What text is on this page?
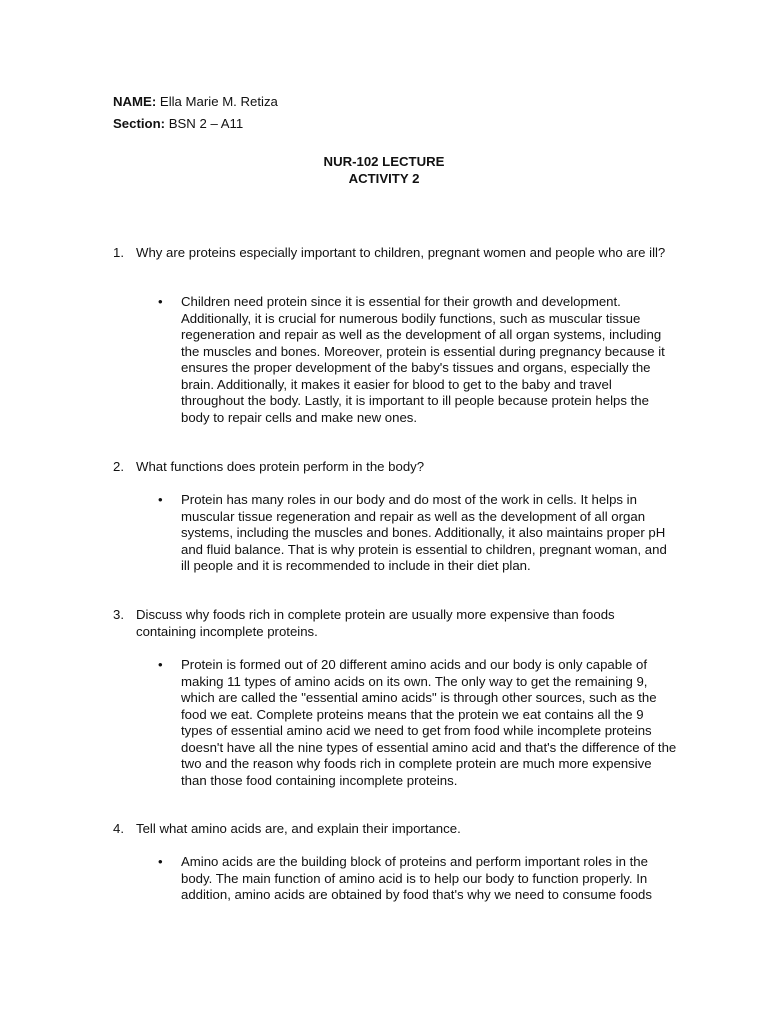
NAME: Ella Marie M. Retiza
Section: BSN 2 – A11
NUR-102 LECTURE
ACTIVITY 2
1. Why are proteins especially important to children, pregnant women and people who are ill?
• Children need protein since it is essential for their growth and development. Additionally, it is crucial for numerous bodily functions, such as muscular tissue regeneration and repair as well as the development of all organ systems, including the muscles and bones. Moreover, protein is essential during pregnancy because it ensures the proper development of the baby's tissues and organs, especially the brain. Additionally, it makes it easier for blood to get to the baby and travel throughout the body. Lastly, it is important to ill people because protein helps the body to repair cells and make new ones.
2. What functions does protein perform in the body?
• Protein has many roles in our body and do most of the work in cells. It helps in muscular tissue regeneration and repair as well as the development of all organ systems, including the muscles and bones. Additionally, it also maintains proper pH and fluid balance. That is why protein is essential to children, pregnant woman, and ill people and it is recommended to include in their diet plan.
3. Discuss why foods rich in complete protein are usually more expensive than foods containing incomplete proteins.
• Protein is formed out of 20 different amino acids and our body is only capable of making 11 types of amino acids on its own. The only way to get the remaining 9, which are called the "essential amino acids" is through other sources, such as the food we eat. Complete proteins means that the protein we eat contains all the 9 types of essential amino acid we need to get from food while incomplete proteins doesn't have all the nine types of essential amino acid and that's the difference of the two and the reason why foods rich in complete protein are much more expensive than those food containing incomplete proteins.
4. Tell what amino acids are, and explain their importance.
• Amino acids are the building block of proteins and perform important roles in the body. The main function of amino acid is to help our body to function properly. In addition, amino acids are obtained by food that's why we need to consume foods
